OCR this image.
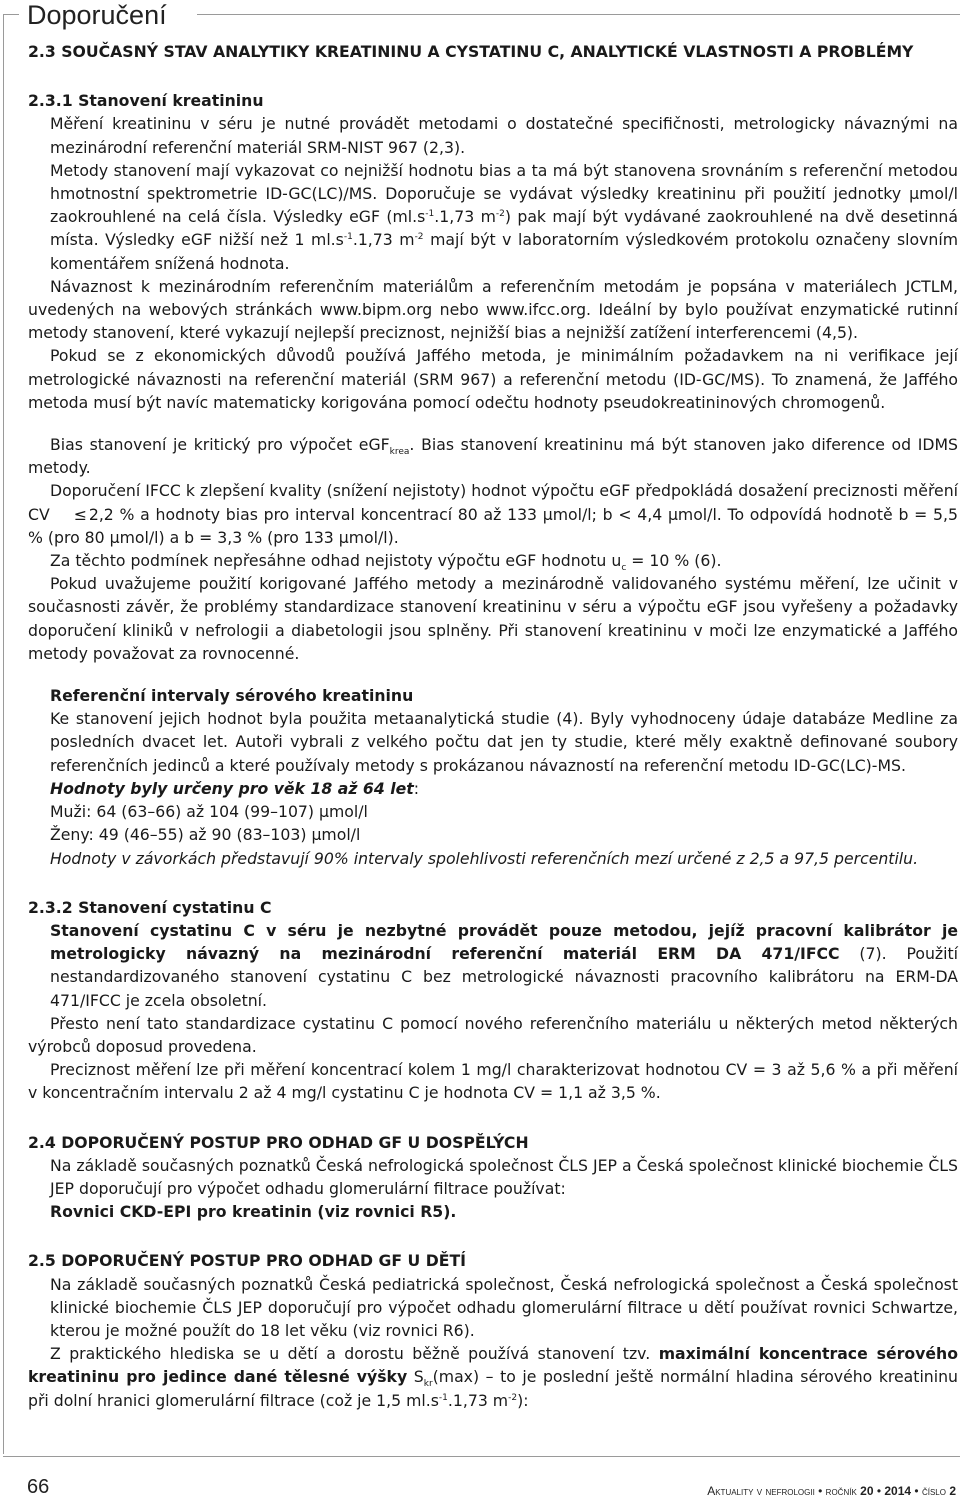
Doporučení
2.3 SOUČASNÝ STAV ANALYTIKY KREATININU A CYSTATINU C, ANALYTICKÉ VLASTNOSTI A PROBLÉMY
2.3.1 Stanovení kreatininu

Měření kreatininu v séru je nutné provádět metodami o dostatečné specifičnosti, metrologicky návaznými na mezinárodní referenční materiál SRM-NIST 967 (2,3).

Metody stanovení mají vykazovat co nejnižší hodnotu bias a ta má být stanovena srovnáním s referenční metodou hmotnostní spektrometrie ID-GC(LC)/MS. Doporučuje se vydávat výsledky kreatininu při použití jednotky µmol/l zaokrouhlené na celá čísla. Výsledky eGF ($ml.s^{-1}.1,73$ $m^{-2}$) pak mají být vydávané zaokrouhlené na dvě desetinná místa. Výsledky eGF nižší než 1 $ml.s^{-1}.1,73$ $m^{-2}$ mají být v laboratorním výsledkovém protokolu označeny slovním komentářem snížená hodnota.

Návaznost k mezinárodním referenčním materiálům a referenčním metodám je popsána v materiálech JCTLM, uvedených na webových stránkách www.bipm.org nebo www.ifcc.org. Ideální by bylo používat enzymatické rutinní metody stanovení, které vykazují nejlepší preciznost, nejnižší bias a nejnižší zatížení interferencemi (4,5).

Pokud se z ekonomických důvodů používá Jaffého metoda, je minimálním požadavkem na ni verifikace její metrologické návaznosti na referenční materiál (SRM 967) a referenční metodu (ID-GC/MS). To znamená, že Jaffého metoda musí být navíc matematicky korigována pomocí odečtu hodnoty pseudokreatininových chromogenů.

Bias stanovení je kritický pro výpočet eGF$_{krea}$. Bias stanovení kreatininu má být stanoven jako diference od IDMS metody.

Doporučení IFCC k zlepšení kvality (snížení nejistoty) hodnot výpočtu eGF předpokládá dosažení preciznosti měření CV ≤ 2,2 % a hodnoty bias pro interval koncentrací 80 až 133 µmol/l; b < 4,4 µmol/l. To odpovídá hodnotě b = 5,5 % (pro 80 µmol/l) a b = 3,3 % (pro 133 µmol/l).

Za těchto podmínek nepřesáhne odhad nejistoty výpočtu eGF hodnotu $u_c = 10$ % (6).

Pokud uvažujeme použití korigované Jaffého metody a mezinárodně validovaného systému měření, lze učinit v současnosti závěr, že problémy standardizace stanovení kreatininu v séru a výpočtu eGF jsou vyřešeny a požadavky doporučení kliniků v nefrologii a diabetologii jsou splněny. Při stanovení kreatininu v moči lze enzymatické a Jaffého metody považovat za rovnocenné.

Referenční intervaly sérového kreatininu

Ke stanovení jejich hodnot byla použita metaanalytická studie (4). Byly vyhodnoceny údaje databáze Medline za posledních dvacet let. Autoři vybrali z velkého počtu dat jen ty studie, které měly exaktně definované soubory referenčních jedinců a které používaly metody s prokázanou návazností na referenční metodu ID-GC(LC)-MS.

Hodnoty byly určeny pro věk 18 až 64 let:

Muži: 64 (63–66) až 104 (99–107) µmol/l

Ženy: 49 (46–55) až 90 (83–103) µmol/l

Hodnoty v závorkách představují 90% intervaly spolehlivosti referenčních mezí určené z 2,5 a 97,5 percentilu.

2.3.2 Stanovení cystatinu C

Stanovení cystatinu C v séru je nezbytné provádět pouze metodou, jejíž pracovní kalibrátor je metrologicky návazný na mezinárodní referenční materiál ERM DA 471/IFCC (7). Použití nestandardizovaného stanovení cystatinu C bez metrologické návaznosti pracovního kalibrátoru na ERM-DA 471/IFCC je zcela obsoletní.

Přesto není tato standardizace cystatinu C pomocí nového referenčního materiálu u některých metod některých výrobců doposud provedena.

Preciznost měření lze při měření koncentrací kolem 1 mg/l charakterizovat hodnotou CV = 3 až 5,6 % a při měření v koncentračním intervalu 2 až 4 mg/l cystatinu C je hodnota CV = 1,1 až 3,5 %.

2.4 DOPORUČENÝ POSTUP PRO ODHAD GF U DOSPĚLÝCH

Na základě současných poznatků Česká nefrologická společnost ČLS JEP a Česká společnost klinické biochemie ČLS JEP doporučují pro výpočet odhadu glomerulární filtrace používat:

Rovnici CKD-EPI pro kreatinin (viz rovnici R5).

2.5 DOPORUČENÝ POSTUP PRO ODHAD GF U DĚTÍ

Na základě současných poznatků Česká pediatrická společnost, Česká nefrologická společnost a Česká společnost klinické biochemie ČLS JEP doporučují pro výpočet odhadu glomerulární filtrace u dětí používat rovnici Schwartze, kterou je možné použít do 18 let věku (viz rovnici R6).

Z praktického hlediska se u dětí a dorostu běžně používá stanovení tzv. maximální koncentrace sérového kreatininu pro jedince dané tělesné výšky $S_{kr}(\max)$ – to je poslední ještě normální hladina sérového kreatininu při dolní hranici glomerulární filtrace (což je 1,5 $ml.s^{-1}.1,73$ $m^{-2}$):

66	Aktuality v nefrologii • ročník 20 • 2014 • číslo 2
